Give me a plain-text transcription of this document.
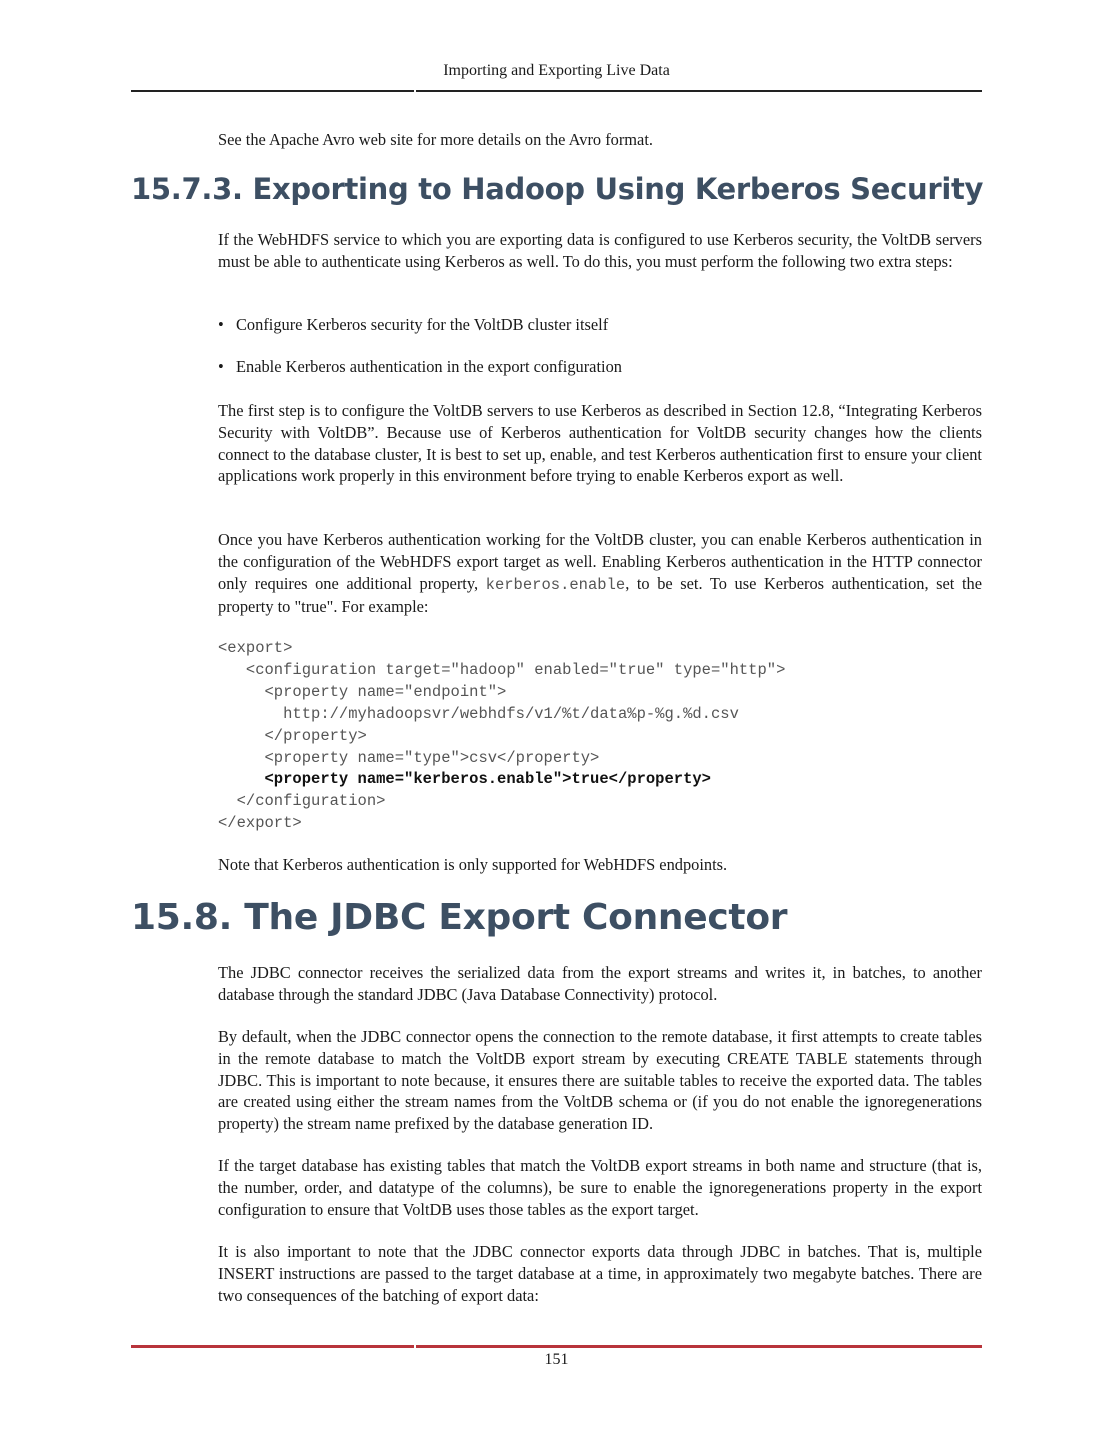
Importing and Exporting Live Data

See the Apache Avro web site for more details on the Avro format.

15.7.3. Exporting to Hadoop Using Kerberos Security

If the WebHDFS service to which you are exporting data is configured to use Kerberos security, the VoltDB servers must be able to authenticate using Kerberos as well. To do this, you must perform the following two extra steps:

• Configure Kerberos security for the VoltDB cluster itself
• Enable Kerberos authentication in the export configuration

The first step is to configure the VoltDB servers to use Kerberos as described in Section 12.8, “Integrating Kerberos Security with VoltDB”. Because use of Kerberos authentication for VoltDB security changes how the clients connect to the database cluster, It is best to set up, enable, and test Kerberos authentication first to ensure your client applications work properly in this environment before trying to enable Kerberos export as well.

Once you have Kerberos authentication working for the VoltDB cluster, you can enable Kerberos authentication in the configuration of the WebHDFS export target as well. Enabling Kerberos authentication in the HTTP connector only requires one additional property, kerberos.enable, to be set. To use Kerberos authentication, set the property to "true". For example:

<export>
<configuration target="hadoop" enabled="true" type="http">
<property name="endpoint">
http://myhadoopsvr/webhdfs/v1/%t/data%p-%g.%d.csv
</property>
<property name="type">csv</property>
<property name="kerberos.enable">true</property>
</configuration>
</export>

Note that Kerberos authentication is only supported for WebHDFS endpoints.

15.8. The JDBC Export Connector

The JDBC connector receives the serialized data from the export streams and writes it, in batches, to another database through the standard JDBC (Java Database Connectivity) protocol.

By default, when the JDBC connector opens the connection to the remote database, it first attempts to create tables in the remote database to match the VoltDB export stream by executing CREATE TABLE statements through JDBC. This is important to note because, it ensures there are suitable tables to receive the exported data. The tables are created using either the stream names from the VoltDB schema or (if you do not enable the ignoregenerations property) the stream name prefixed by the database generation ID.

If the target database has existing tables that match the VoltDB export streams in both name and structure (that is, the number, order, and datatype of the columns), be sure to enable the ignoregenerations property in the export configuration to ensure that VoltDB uses those tables as the export target.

It is also important to note that the JDBC connector exports data through JDBC in batches. That is, multiple INSERT instructions are passed to the target database at a time, in approximately two megabyte batches. There are two consequences of the batching of export data:

151
